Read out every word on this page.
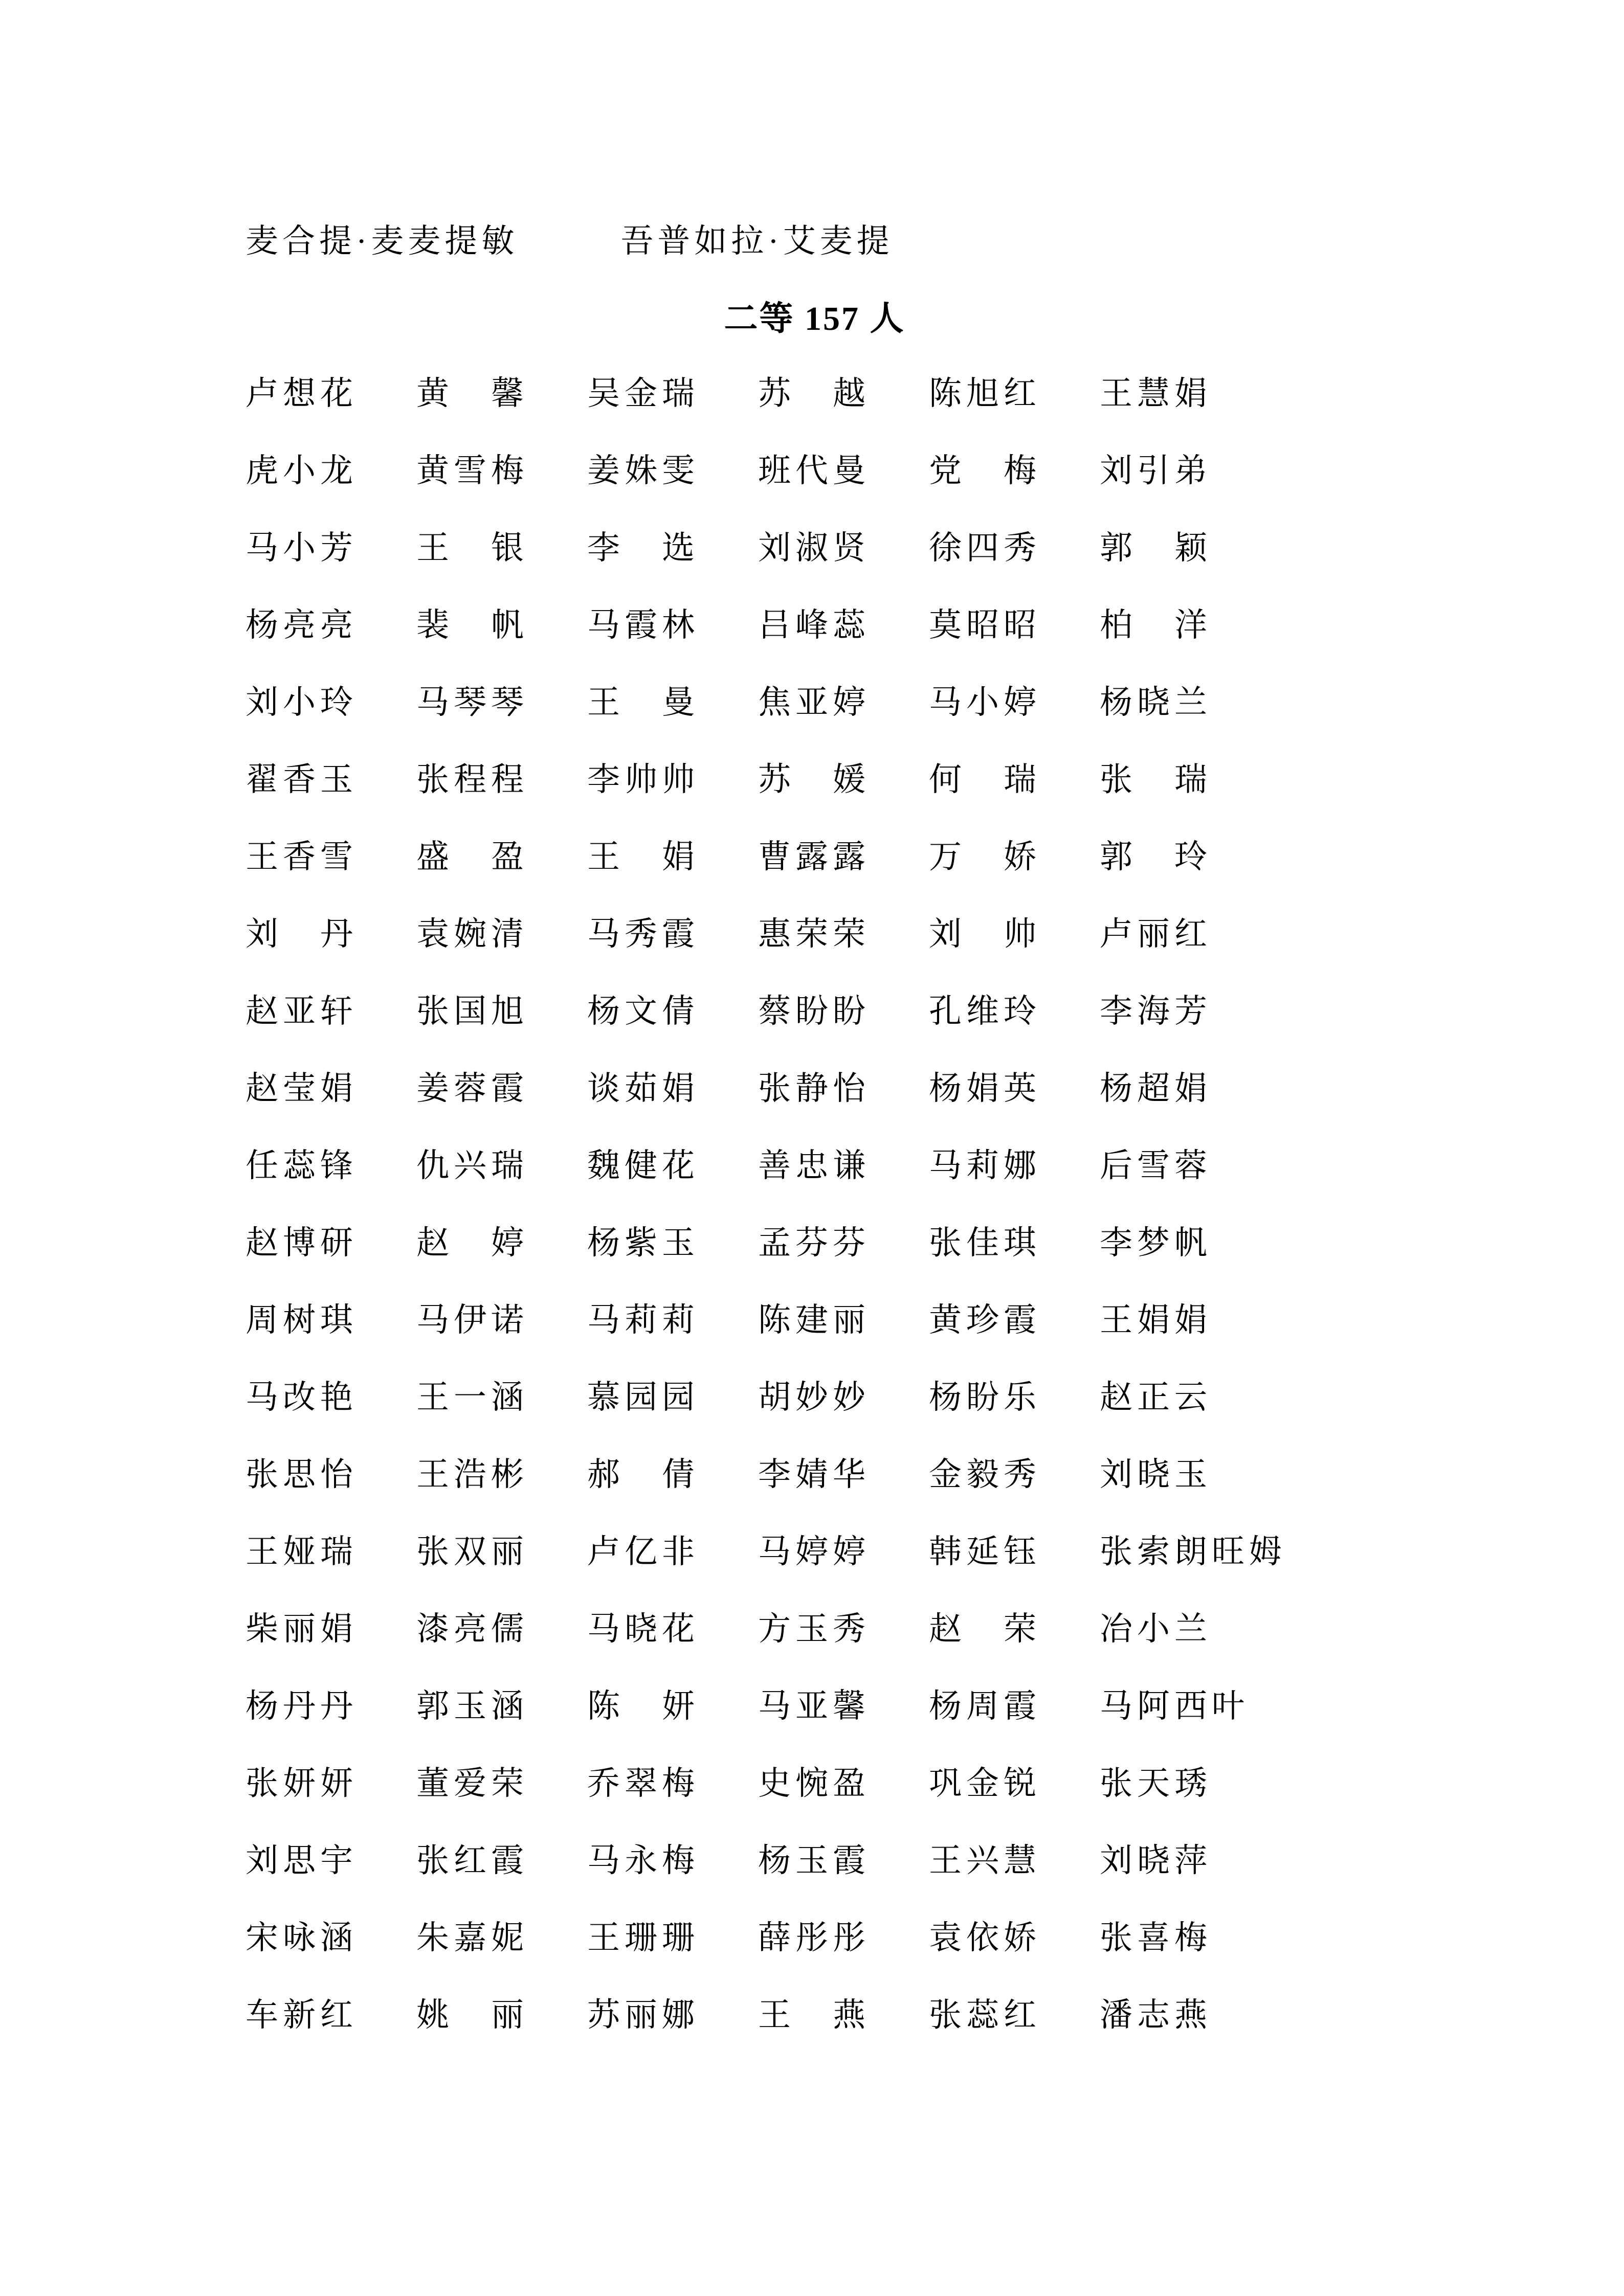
麦合提·麦麦提敏	吾普如拉·艾麦提
二等 157 人
卢想花	黄　馨	吴金瑞	苏　越	陈旭红	王慧娟
虎小龙	黄雪梅	姜姝雯	班代曼	党　梅	刘引弟
马小芳	王　银	李　选	刘淑贤	徐四秀	郭　颖
杨亮亮	裴　帆	马霞林	吕峰蕊	莫昭昭	柏　洋
刘小玲	马琴琴	王　曼	焦亚婷	马小婷	杨晓兰
翟香玉	张程程	李帅帅	苏　媛	何　瑞	张　瑞
王香雪	盛　盈	王　娟	曹露露	万　娇	郭　玲
刘　丹	袁婉清	马秀霞	惠荣荣	刘　帅	卢丽红
赵亚轩	张国旭	杨文倩	蔡盼盼	孔维玲	李海芳
赵莹娟	姜蓉霞	谈茹娟	张静怡	杨娟英	杨超娟
任蕊锋	仇兴瑞	魏健花	善忠谦	马莉娜	后雪蓉
赵博研	赵　婷	杨紫玉	孟芬芬	张佳琪	李梦帆
周树琪	马伊诺	马莉莉	陈建丽	黄珍霞	王娟娟
马改艳	王一涵	慕园园	胡妙妙	杨盼乐	赵正云
张思怡	王浩彬	郝　倩	李婧华	金毅秀	刘晓玉
王娅瑞	张双丽	卢亿非	马婷婷	韩延钰	张索朗旺姆
柴丽娟	漆亮儒	马晓花	方玉秀	赵　荣	冶小兰
杨丹丹	郭玉涵	陈　妍	马亚馨	杨周霞	马阿西叶
张妍妍	董爱荣	乔翠梅	史惋盈	巩金锐	张天琇
刘思宇	张红霞	马永梅	杨玉霞	王兴慧	刘晓萍
宋咏涵	朱嘉妮	王珊珊	薛彤彤	袁依娇	张喜梅
车新红	姚　丽	苏丽娜	王　燕	张蕊红	潘志燕
